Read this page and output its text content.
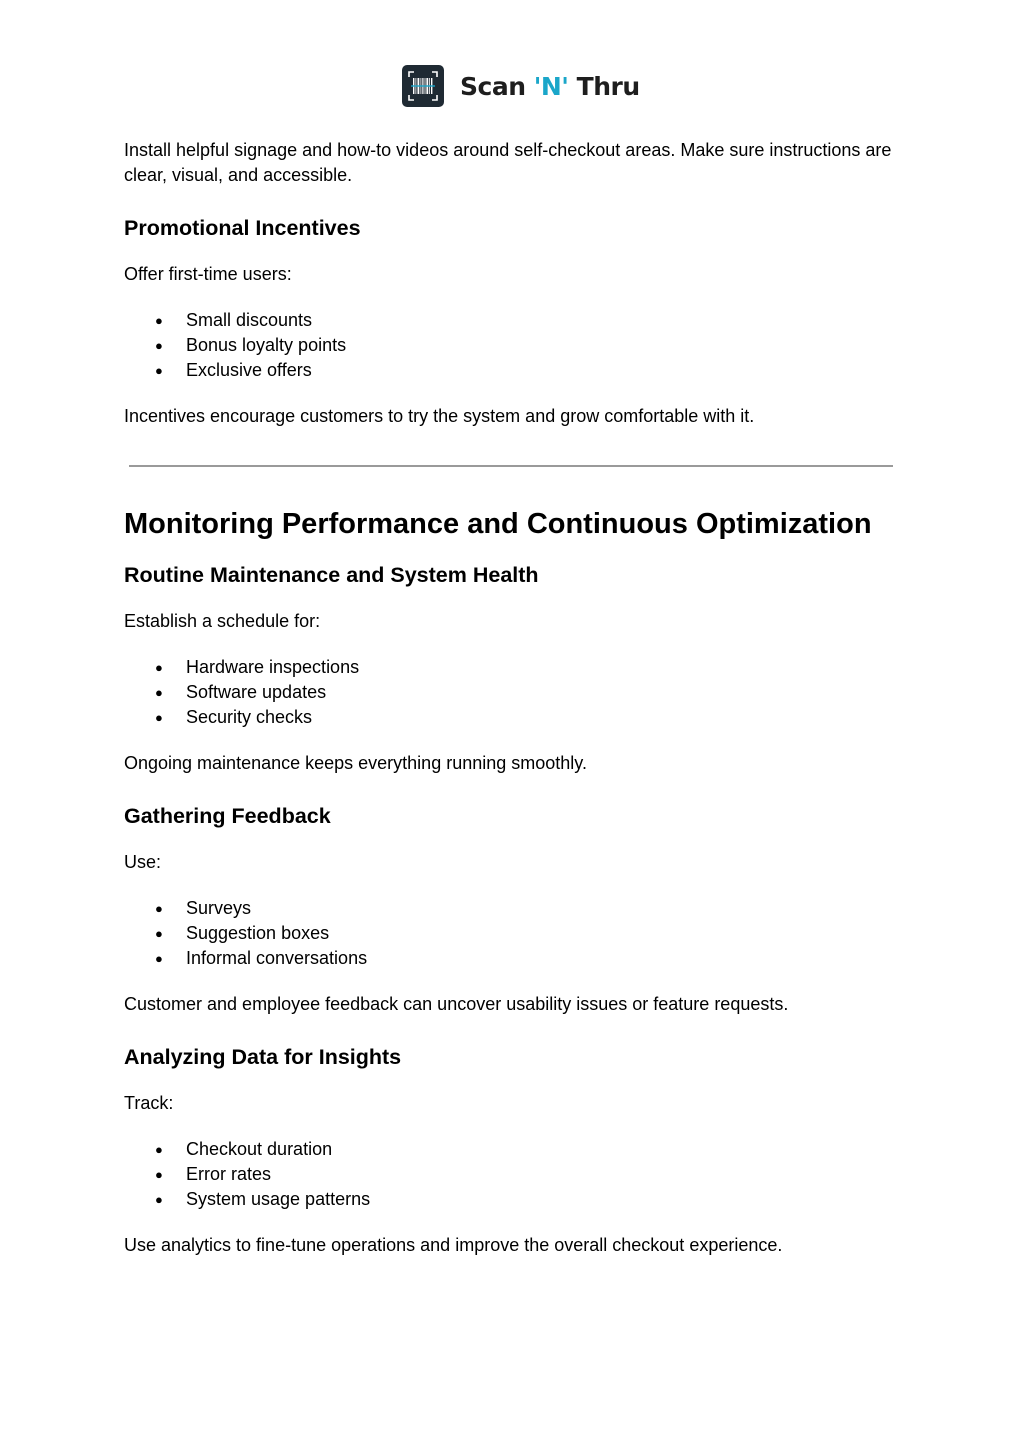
Scan 'N' Thru

Install helpful signage and how-to videos around self-checkout areas. Make sure instructions are clear, visual, and accessible.

Promotional Incentives

Offer first-time users:

● Small discounts
● Bonus loyalty points
● Exclusive offers

Incentives encourage customers to try the system and grow comfortable with it.

Monitoring Performance and Continuous Optimization
Routine Maintenance and System Health

Establish a schedule for:

● Hardware inspections
● Software updates
● Security checks

Ongoing maintenance keeps everything running smoothly.

Gathering Feedback

Use:

● Surveys
● Suggestion boxes
● Informal conversations

Customer and employee feedback can uncover usability issues or feature requests.

Analyzing Data for Insights

Track:

● Checkout duration
● Error rates
● System usage patterns

Use analytics to fine-tune operations and improve the overall checkout experience.
